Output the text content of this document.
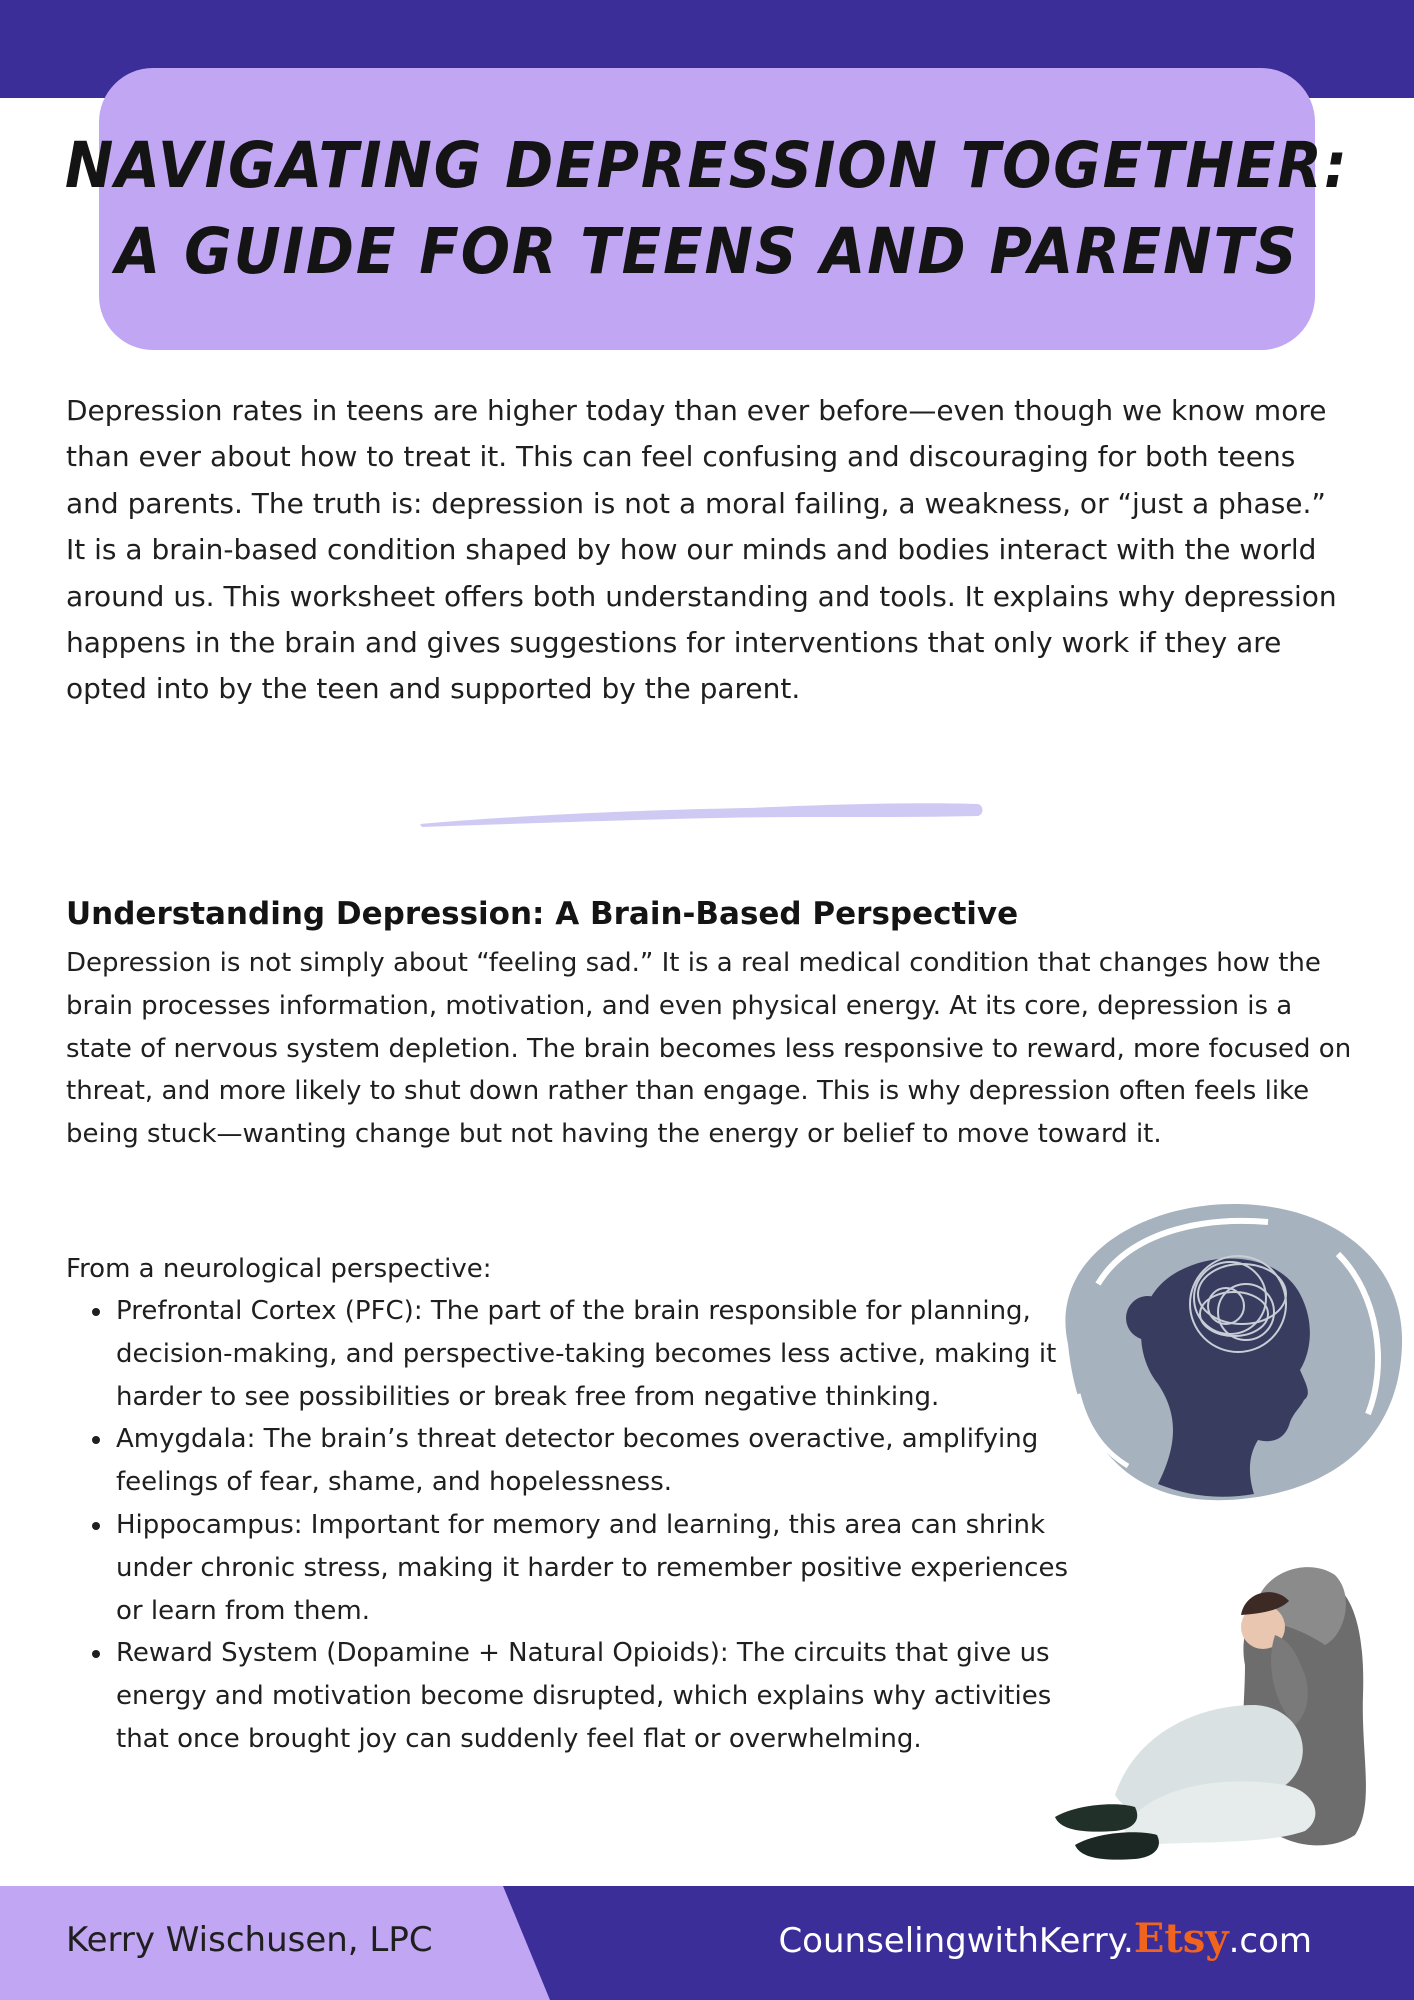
NAVIGATING DEPRESSION TOGETHER:
A GUIDE FOR TEENS AND PARENTS

Depression rates in teens are higher today than ever before—even though we know more than ever about how to treat it. This can feel confusing and discouraging for both teens and parents. The truth is: depression is not a moral failing, a weakness, or “just a phase.” It is a brain-based condition shaped by how our minds and bodies interact with the world around us. This worksheet offers both understanding and tools. It explains why depression happens in the brain and gives suggestions for interventions that only work if they are opted into by the teen and supported by the parent.

Understanding Depression: A Brain-Based Perspective

Depression is not simply about “feeling sad.” It is a real medical condition that changes how the brain processes information, motivation, and even physical energy. At its core, depression is a state of nervous system depletion. The brain becomes less responsive to reward, more focused on threat, and more likely to shut down rather than engage. This is why depression often feels like being stuck—wanting change but not having the energy or belief to move toward it.

From a neurological perspective:

• Prefrontal Cortex (PFC): The part of the brain responsible for planning, decision-making, and perspective-taking becomes less active, making it harder to see possibilities or break free from negative thinking.
• Amygdala: The brain’s threat detector becomes overactive, amplifying feelings of fear, shame, and hopelessness.
• Hippocampus: Important for memory and learning, this area can shrink under chronic stress, making it harder to remember positive experiences or learn from them.
• Reward System (Dopamine + Natural Opioids): The circuits that give us energy and motivation become disrupted, which explains why activities that once brought joy can suddenly feel flat or overwhelming.

Kerry Wischusen, LPC	CounselingwithKerry.Etsy.com
